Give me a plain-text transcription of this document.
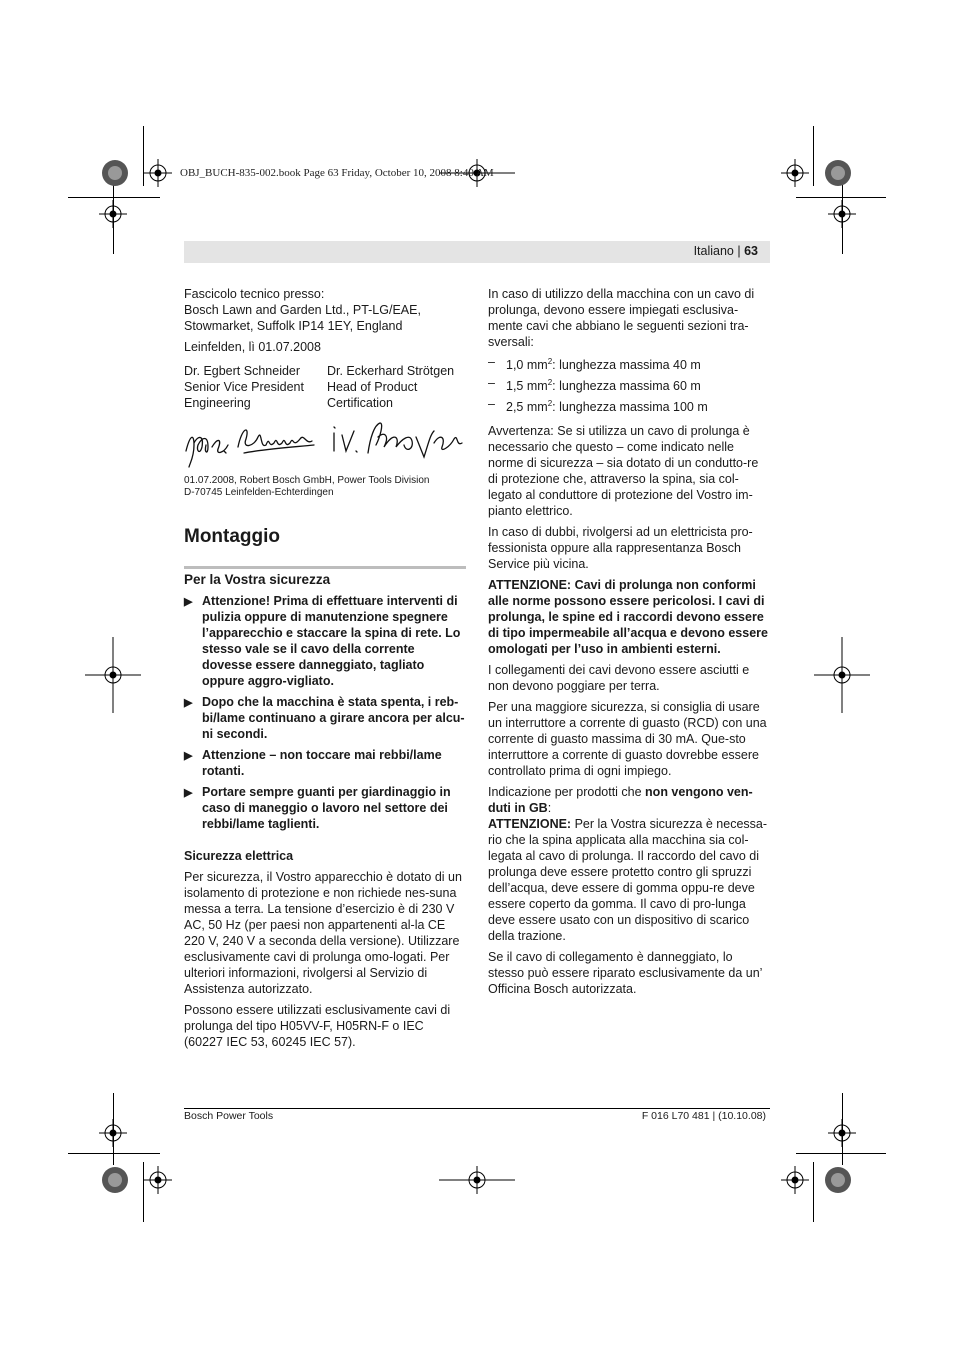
OBJ_BUCH-835-002.book Page 63 Friday, October 10, 2008 8:40 AM
Italiano | 63
Fascicolo tecnico presso:
Bosch Lawn and Garden Ltd., PT-LG/EAE,
Stowmarket, Suffolk IP14 1EY, England
Leinfelden, lì 01.07.2008
Dr. Egbert Schneider
Senior Vice President
Engineering
Dr. Eckerhard Strötgen
Head of Product
Certification
01.07.2008, Robert Bosch GmbH, Power Tools Division
D-70745 Leinfelden-Echterdingen
Montaggio
Per la Vostra sicurezza
▶ Attenzione! Prima di effettuare interventi di pulizia oppure di manutenzione spegnere l’apparecchio e staccare la spina di rete. Lo stesso vale se il cavo della corrente dovesse essere danneggiato, tagliato oppure aggro-vigliato.
▶ Dopo che la macchina è stata spenta, i reb-bi/lame continuano a girare ancora per alcu-ni secondi.
▶ Attenzione – non toccare mai rebbi/lame rotanti.
▶ Portare sempre guanti per giardinaggio in caso di maneggio o lavoro nel settore dei rebbi/lame taglienti.
Sicurezza elettrica

Per sicurezza, il Vostro apparecchio è dotato di un isolamento di protezione e non richiede nes-suna messa a terra. La tensione d’esercizio è di 230 V AC, 50 Hz (per paesi non appartenenti al-la CE 220 V, 240 V a seconda della versione). Utilizzare esclusivamente cavi di prolunga omo-logati. Per ulteriori informazioni, rivolgersi al Servizio di Assistenza autorizzato.

Possono essere utilizzati esclusivamente cavi di prolunga del tipo H05VV-F, H05RN-F o IEC (60227 IEC 53, 60245 IEC 57).

In caso di utilizzo della macchina con un cavo di prolunga, devono essere impiegati esclusiva-mente cavi che abbiano le seguenti sezioni tra-sversali:

– 1,0 $mm^2$: lunghezza massima 40 m
– 1,5 $mm^2$: lunghezza massima 60 m
– 2,5 $mm^2$: lunghezza massima 100 m

Avvertenza: Se si utilizza un cavo di prolunga è necessario che questo – come indicato nelle norme di sicurezza – sia dotato di un condutto-re di protezione che, attraverso la spina, sia col-legato al conduttore di protezione del Vostro im-pianto elettrico.

In caso di dubbi, rivolgersi ad un elettricista pro-fessionista oppure alla rappresentanza Bosch Service più vicina.

ATTENZIONE: Cavi di prolunga non conformi alle norme possono essere pericolosi. I cavi di prolunga, le spine ed i raccordi devono essere di tipo impermeabile all’acqua e devono essere omologati per l’uso in ambienti esterni.

I collegamenti dei cavi devono essere asciutti e non devono poggiare per terra.

Per una maggiore sicurezza, si consiglia di usare un interruttore a corrente di guasto (RCD) con una corrente di guasto massima di 30 mA. Que-sto interruttore a corrente di guasto dovrebbe essere controllato prima di ogni impiego.

Indicazione per prodotti che non vengono ven-duti in GB:

ATTENZIONE: Per la Vostra sicurezza è necessa-rio che la spina applicata alla macchina sia col-legata al cavo di prolunga. Il raccordo del cavo di prolunga deve essere protetto contro gli spruzzi dell’acqua, deve essere di gomma oppu-re deve essere coperto da gomma. Il cavo di pro-lunga deve essere usato con un dispositivo di scarico della trazione.

Se il cavo di collegamento è danneggiato, lo stesso può essere riparato esclusivamente da un’ Officina Bosch autorizzata.

Bosch Power Tools	F 016 L70 481 | (10.10.08)
